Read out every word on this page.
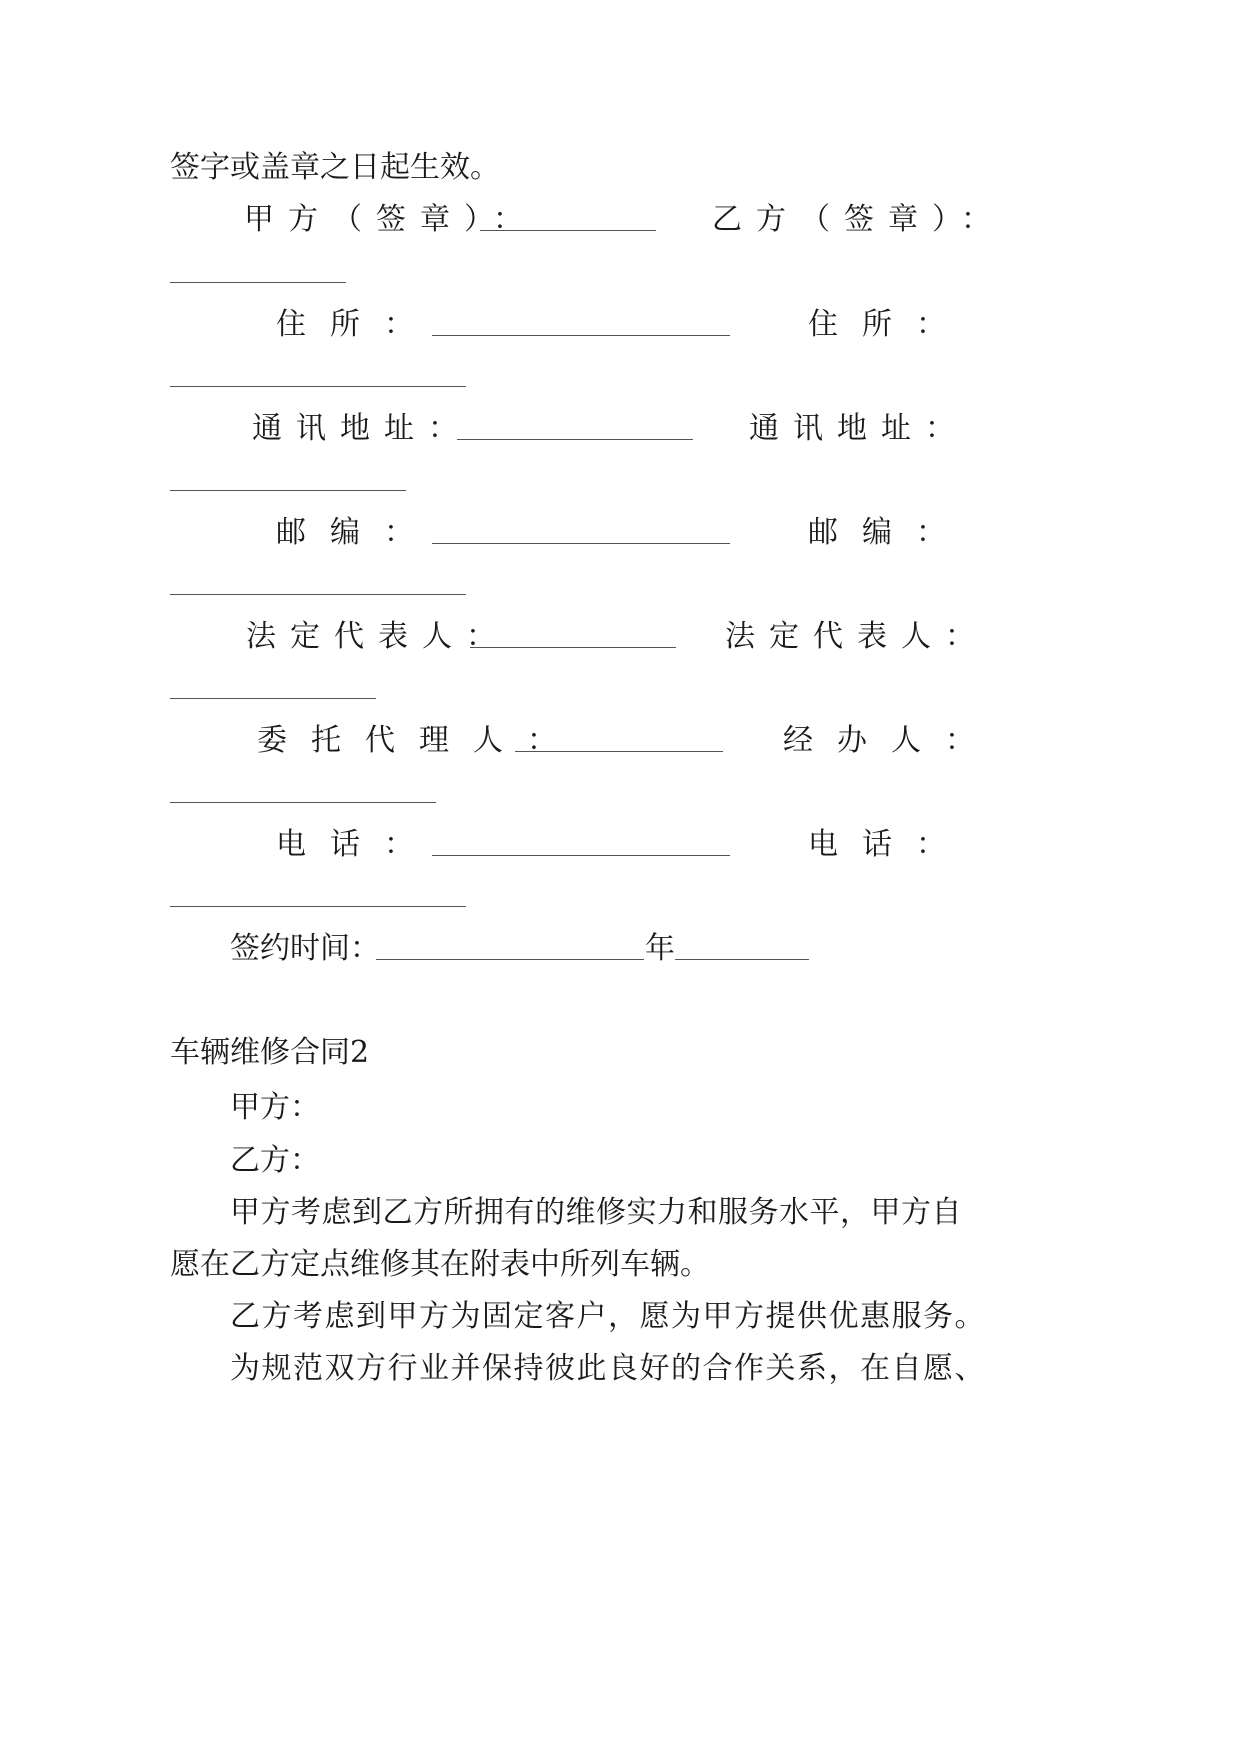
签字或盖章之日起生效。
甲方（签章）：	乙方（签章）：
住所：	住所：
通讯地址：	通讯地址：
邮编：	邮编：
法定代表人：	法定代表人：
委托代理人：	经办人：
电话：	电话：
签约时间：	年
车辆维修合同2
甲方：
乙方：
甲方考虑到乙方所拥有的维修实力和服务水平，甲方自
愿在乙方定点维修其在附表中所列车辆。
乙方考虑到甲方为固定客户，愿为甲方提供优惠服务。
为规范双方行业并保持彼此良好的合作关系，在自愿、
